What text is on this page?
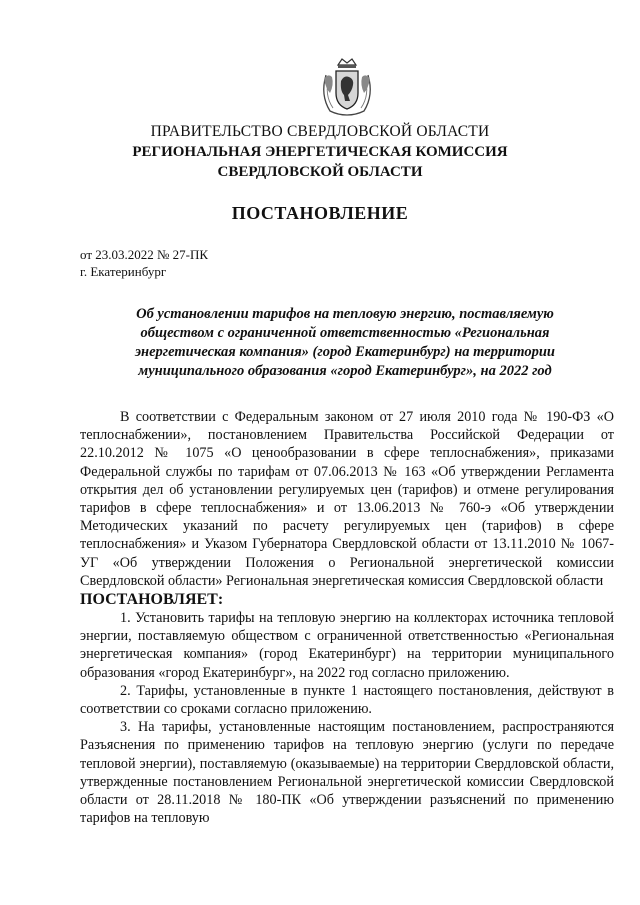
ПРАВИТЕЛЬСТВО СВЕРДЛОВСКОЙ ОБЛАСТИ
РЕГИОНАЛЬНАЯ ЭНЕРГЕТИЧЕСКАЯ КОМИССИЯ
СВЕРДЛОВСКОЙ ОБЛАСТИ
ПОСТАНОВЛЕНИЕ
от 23.03.2022 № 27-ПК
г. Екатеринбург
Об установлении тарифов на тепловую энергию, поставляемую обществом с ограниченной ответственностью «Региональная энергетическая компания» (город Екатеринбург) на территории муниципального образования «город Екатеринбург», на 2022 год

В соответствии с Федеральным законом от 27 июля 2010 года № 190-ФЗ «О теплоснабжении», постановлением Правительства Российской Федерации от 22.10.2012 № 1075 «О ценообразовании в сфере теплоснабжения», приказами Федеральной службы по тарифам от 07.06.2013 № 163 «Об утверждении Регламента открытия дел об установлении регулируемых цен (тарифов) и отмене регулирования тарифов в сфере теплоснабжения» и от 13.06.2013 № 760-э «Об утверждении Методических указаний по расчету регулируемых цен (тарифов) в сфере теплоснабжения» и Указом Губернатора Свердловской области от 13.11.2010 № 1067-УГ «Об утверждении Положения о Региональной энергетической комиссии Свердловской области» Региональная энергетическая комиссия Свердловской области

ПОСТАНОВЛЯЕТ:

1. Установить тарифы на тепловую энергию на коллекторах источника тепловой энергии, поставляемую обществом с ограниченной ответственностью «Региональная энергетическая компания» (город Екатеринбург) на территории муниципального образования «город Екатеринбург», на 2022 год согласно приложению.

2. Тарифы, установленные в пункте 1 настоящего постановления, действуют в соответствии со сроками согласно приложению.

3. На тарифы, установленные настоящим постановлением, распространяются Разъяснения по применению тарифов на тепловую энергию (услуги по передаче тепловой энергии), поставляемую (оказываемые) на территории Свердловской области, утвержденные постановлением Региональной энергетической комиссии Свердловской области от 28.11.2018 № 180-ПК «Об утверждении разъяснений по применению тарифов на тепловую
